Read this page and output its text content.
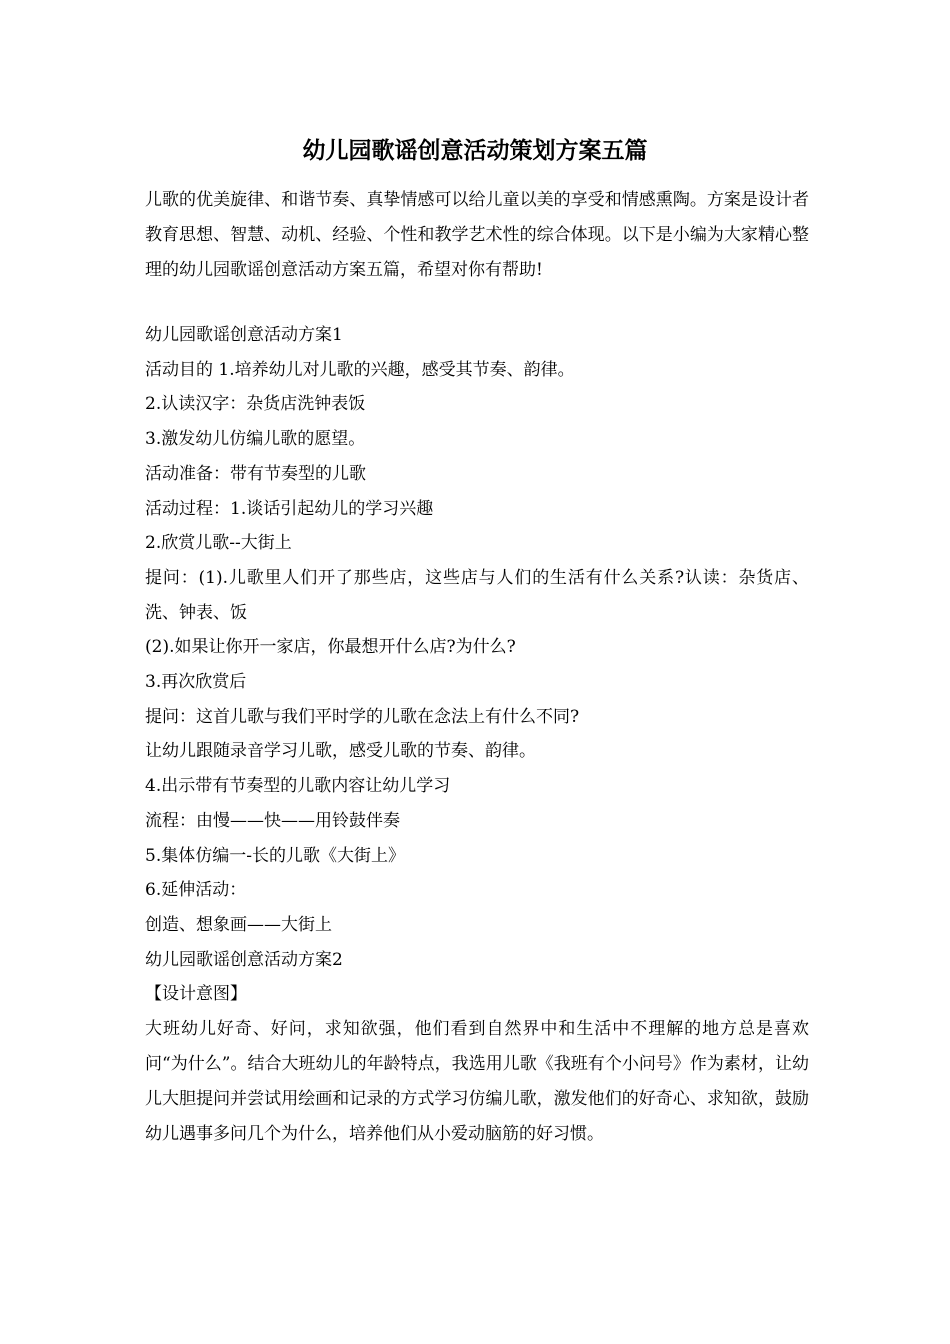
幼儿园歌谣创意活动策划方案五篇

儿歌的优美旋律、和谐节奏、真挚情感可以给儿童以美的享受和情感熏陶。方案是设计者教育思想、智慧、动机、经验、个性和教学艺术性的综合体现。以下是小编为大家精心整理的幼儿园歌谣创意活动方案五篇，希望对你有帮助!

幼儿园歌谣创意活动方案1

活动目的 1.培养幼儿对儿歌的兴趣，感受其节奏、韵律。

2.认读汉字：杂货店洗钟表饭

3.激发幼儿仿编儿歌的愿望。

活动准备：带有节奏型的儿歌

活动过程：1.谈话引起幼儿的学习兴趣

2.欣赏儿歌--大街上

提问：(1).儿歌里人们开了那些店，这些店与人们的生活有什么关系?认读：杂货店、洗、钟表、饭

(2).如果让你开一家店，你最想开什么店?为什么?

3.再次欣赏后

提问：这首儿歌与我们平时学的儿歌在念法上有什么不同?

让幼儿跟随录音学习儿歌，感受儿歌的节奏、韵律。

4.出示带有节奏型的儿歌内容让幼儿学习

流程：由慢——快——用铃鼓伴奏

5.集体仿编一-长的儿歌《大街上》

6.延伸活动：

创造、想象画——大街上

幼儿园歌谣创意活动方案2

【设计意图】

大班幼儿好奇、好问，求知欲强，他们看到自然界中和生活中不理解的地方总是喜欢问“为什么”。结合大班幼儿的年龄特点，我选用儿歌《我班有个小问号》作为素材，让幼儿大胆提问并尝试用绘画和记录的方式学习仿编儿歌，激发他们的好奇心、求知欲，鼓励幼儿遇事多问几个为什么，培养他们从小爱动脑筋的好习惯。
